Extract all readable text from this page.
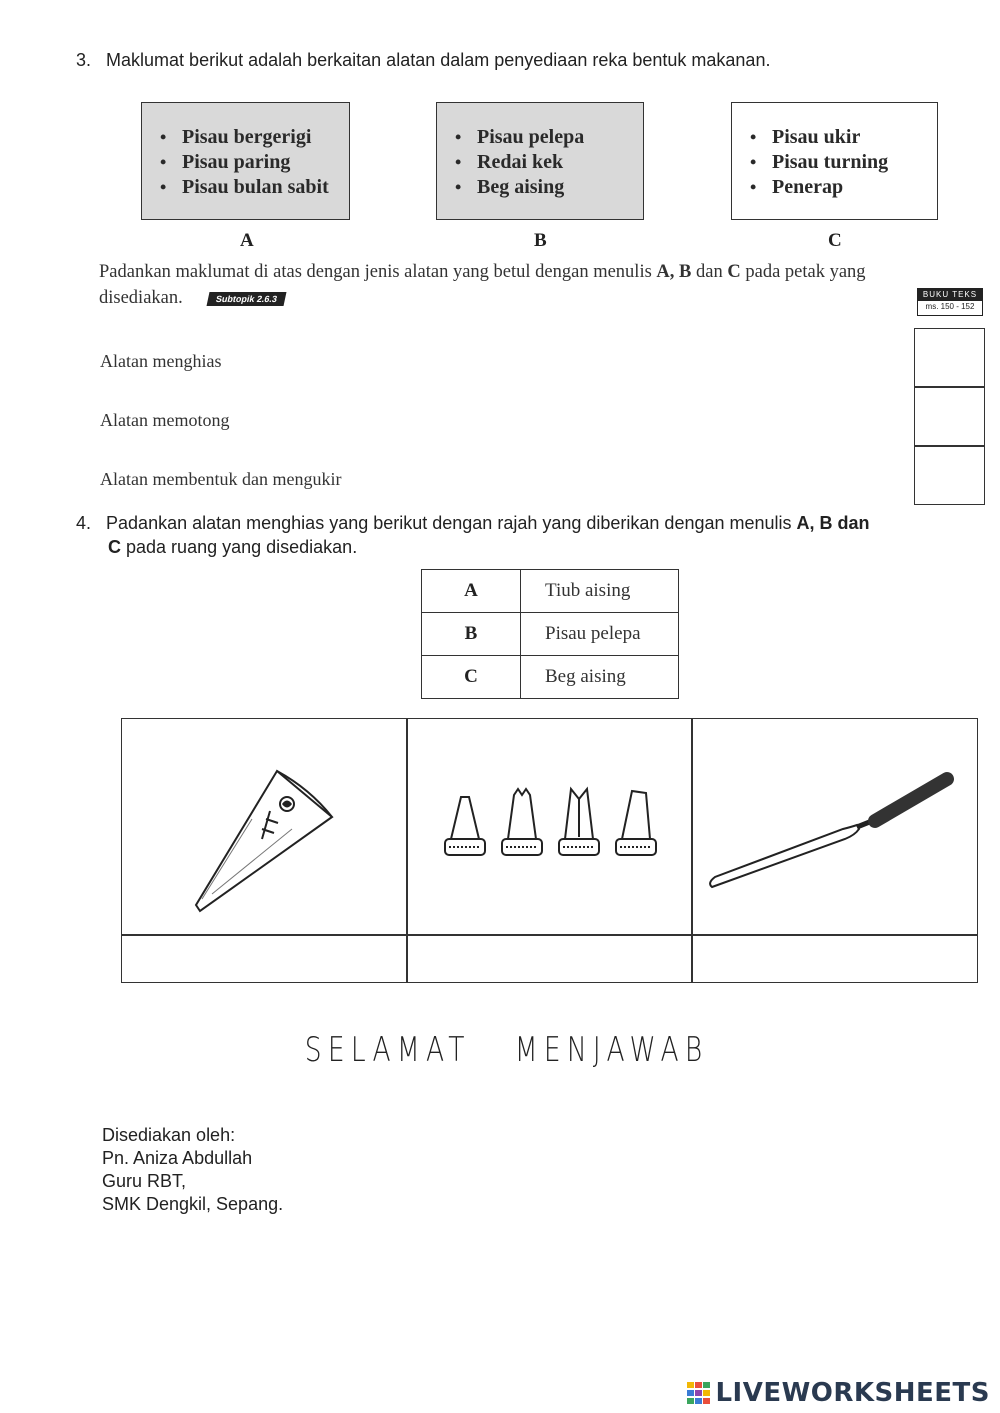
3. Maklumat berikut adalah berkaitan alatan dalam penyediaan reka bentuk makanan.
• Pisau bergerigi
• Pisau paring
• Pisau bulan sabit
• Pisau pelepa
• Redai kek
• Beg aising
• Pisau ukir
• Pisau turning
• Penerap
A	B	C
Padankan maklumat di atas dengan jenis alatan yang betul dengan menulis A, B dan C pada petak yang
disediakan.	Subtopik 2.6.3	BUKU TEKS
ms. 150 - 152
Alatan menghias
Alatan memotong
Alatan membentuk dan mengukir
4. Padankan alatan menghias yang berikut dengan rajah yang diberikan dengan menulis A, B dan
C pada ruang yang disediakan.
A	Tiub aising
B	Pisau pelepa
C	Beg aising
SELAMAT   MENJAWAB
Disediakan oleh:
Pn. Aniza Abdullah
Guru RBT,
SMK Dengkil, Sepang.
LIVEWORKSHEETS
